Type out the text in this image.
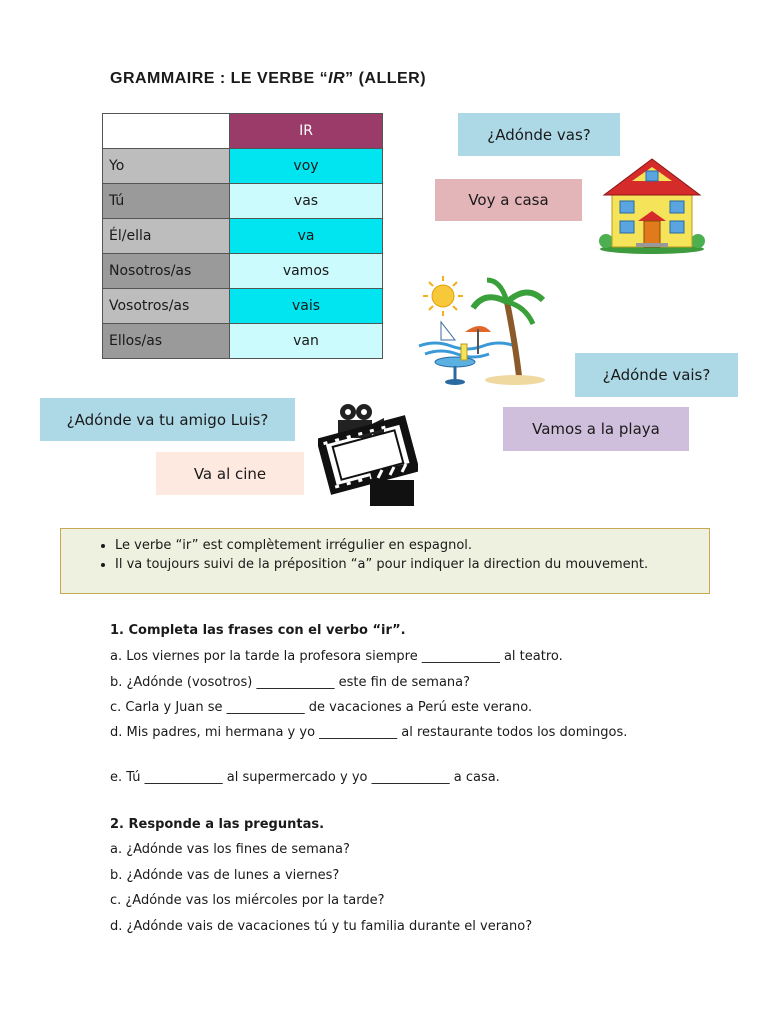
GRAMMAIRE : LE VERBE “IR” (ALLER)
	IR
Yo	voy
Tú	vas
Él/ella	va
Nosotros/as	vamos
Vosotros/as	vais
Ellos/as	van
¿Adónde vas?
Voy a casa
¿Adónde vais?
Vamos a la playa
¿Adónde va tu amigo Luis?
Va al cine
• Le verbe “ir” est complètement irrégulier en espagnol.
• Il va toujours suivi de la préposition “a” pour indiquer la direction du mouvement.
1. Completa las frases con el verbo “ir”.
a. Los viernes por la tarde la profesora siempre ____________ al teatro.
b. ¿Adónde (vosotros) ____________ este fin de semana?
c. Carla y Juan se ____________ de vacaciones a Perú este verano.
d. Mis padres, mi hermana y yo ____________ al restaurante todos los domingos.
e. Tú ____________ al supermercado y yo ____________ a casa.
2. Responde a las preguntas.
a. ¿Adónde vas los fines de semana?
b. ¿Adónde vas de lunes a viernes?
c. ¿Adónde vas los miércoles por la tarde?
d. ¿Adónde vais de vacaciones tú y tu familia durante el verano?
